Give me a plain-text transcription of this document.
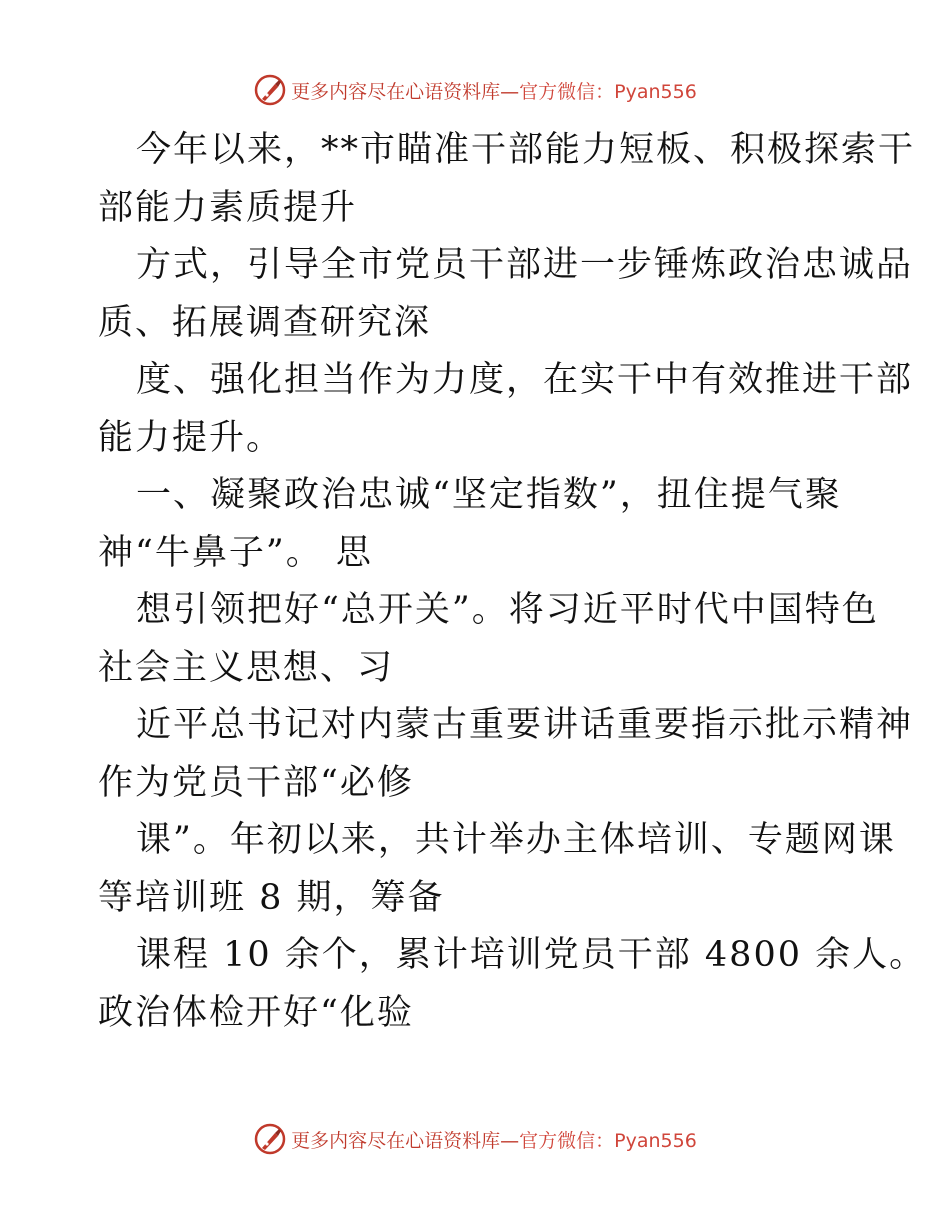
更多内容尽在心语资料库—官方微信：Pyan556

今年以来，**市瞄准干部能力短板、积极探索干

部能力素质提升

方式，引导全市党员干部进一步锤炼政治忠诚品

质、拓展调查研究深

度、强化担当作为力度，在实干中有效推进干部

能力提升。

一、凝聚政治忠诚“坚定指数”，扭住提气聚

神“牛鼻子”。 思

想引领把好“总开关”。将习近平时代中国特色

社会主义思想、习

近平总书记对内蒙古重要讲话重要指示批示精神

作为党员干部“必修

课”。年初以来，共计举办主体培训、专题网课

等培训班 8 期，筹备

课程 10 余个，累计培训党员干部 4800 余人。

政治体检开好“化验

更多内容尽在心语资料库—官方微信：Pyan556
